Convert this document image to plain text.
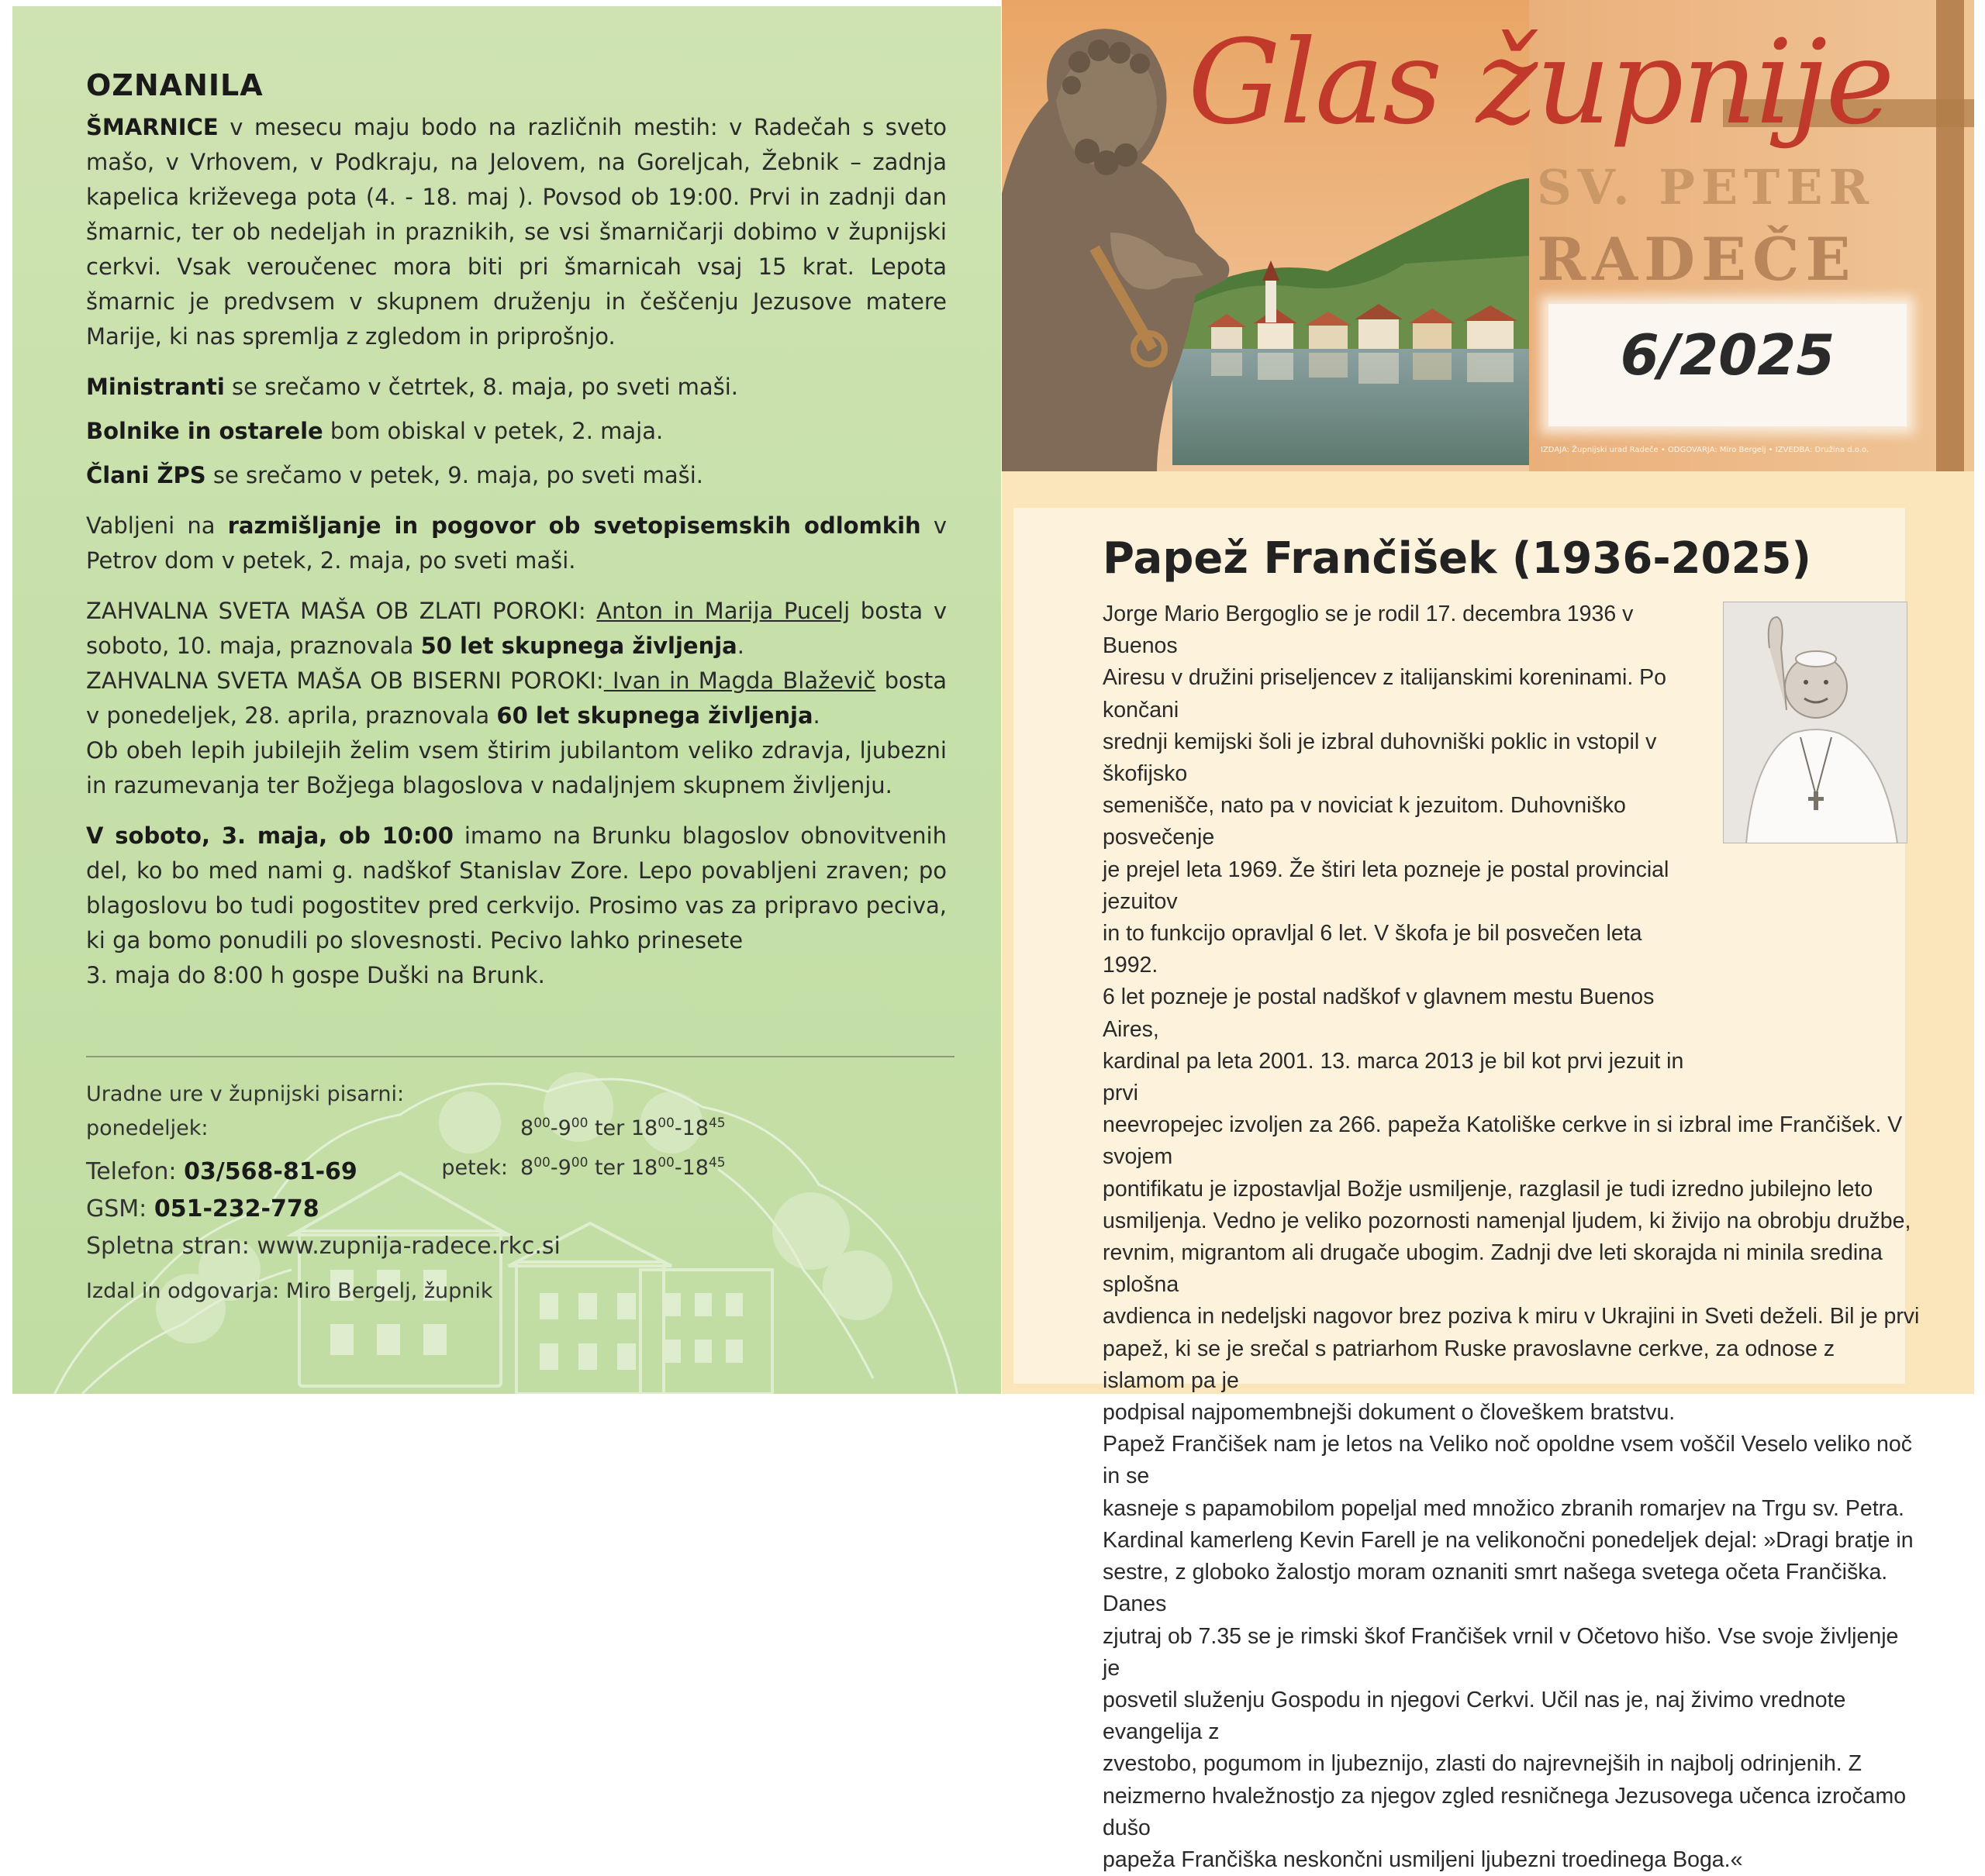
OZNANILA

ŠMARNICE v mesecu maju bodo na različnih mestih: v Radečah s sveto mašo, v Vrhovem, v Podkraju, na Jelovem, na Goreljcah, Žebnik – zadnja kapelica križevega pota (4. - 18. maj ). Povsod ob 19:00. Prvi in zadnji dan šmarnic, ter ob nedeljah in praznikih, se vsi šmarničarji dobimo v župnijski cerkvi. Vsak veroučenec mora biti pri šmarnicah vsaj 15 krat. Lepota šmarnic je predvsem v skupnem druženju in češčenju Jezusove matere Marije, ki nas spremlja z zgledom in priprošnjo.

Ministranti se srečamo v četrtek, 8. maja, po sveti maši.

Bolnike in ostarele bom obiskal v petek, 2. maja.

Člani ŽPS se srečamo v petek, 9. maja, po sveti maši.

Vabljeni na razmišljanje in pogovor ob svetopisemskih odlomkih v Petrov dom v petek, 2. maja, po sveti maši.

ZAHVALNA SVETA MAŠA OB ZLATI POROKI: Anton in Marija Pucelj bosta v soboto, 10. maja, praznovala 50 let skupnega življenja.

ZAHVALNA SVETA MAŠA OB BISERNI POROKI: Ivan in Magda Blaževič bosta v ponedeljek, 28. aprila, praznovala 60 let skupnega življenja.

Ob obeh lepih jubilejih želim vsem štirim jubilantom veliko zdravja, ljubezni in razumevanja ter Božjega blagoslova v nadaljnjem skupnem življenju.

V soboto, 3. maja, ob 10:00 imamo na Brunku blagoslov obnovitvenih del, ko bo med nami g. nadškof Stanislav Zore. Lepo povabljeni zraven; po blagoslovu bo tudi pogostitev pred cerkvijo. Prosimo vas za pripravo peciva, ki ga bomo ponudili po slovesnosti. Pecivo lahko prinesete

3. maja do 8:00 h gospe Duški na Brunk.

Uradne ure v župnijski pisarni: ponedeljek:	$8^{00}-9^{00}$ ter $18^{00}-18^{45}$
petek: $8^{00}-9^{00}$ ter $18^{00}-18^{45}$
Telefon: 03/568-81-69
GSM: 051-232-778
Spletna stran: www.zupnija-radece.rkc.si
Izdal in odgovarja: Miro Bergelj, župnik
Glas župnije
SV. PETER
RADEČE
6/2025
IZDAJA: Župnijski urad Radeče • ODGOVARJA: Miro Bergelj • IZVEDBA: Družina d.o.o.
Papež Frančišek (1936-2025)

Jorge Mario Bergoglio se je rodil 17. decembra 1936 v Buenos

Airesu v družini priseljencev z italijanskimi koreninami. Po končani

srednji kemijski šoli je izbral duhovniški poklic in vstopil v škofijsko

semenišče, nato pa v noviciat k jezuitom. Duhovniško posvečenje

je prejel leta 1969. Že štiri leta pozneje je postal provincial jezuitov

in to funkcijo opravljal 6 let. V škofa je bil posvečen leta 1992.

6 let pozneje je postal nadškof v glavnem mestu Buenos Aires,

kardinal pa leta 2001. 13. marca 2013 je bil kot prvi jezuit in prvi

neevropejec izvoljen za 266. papeža Katoliške cerkve in si izbral ime Frančišek. V svojem

pontifikatu je izpostavljal Božje usmiljenje, razglasil je tudi izredno jubilejno leto

usmiljenja. Vedno je veliko pozornosti namenjal ljudem, ki živijo na obrobju družbe,

revnim, migrantom ali drugače ubogim. Zadnji dve leti skorajda ni minila sredina splošna

avdienca in nedeljski nagovor brez poziva k miru v Ukrajini in Sveti deželi. Bil je prvi

papež, ki se je srečal s patriarhom Ruske pravoslavne cerkve, za odnose z islamom pa je

podpisal najpomembnejši dokument o človeškem bratstvu.

Papež Frančišek nam je letos na Veliko noč opoldne vsem voščil Veselo veliko noč in se

kasneje s papamobilom popeljal med množico zbranih romarjev na Trgu sv. Petra.

Kardinal kamerleng Kevin Farell je na velikonočni ponedeljek dejal: »Dragi bratje in

sestre, z globoko žalostjo moram oznaniti smrt našega svetega očeta Frančiška. Danes

zjutraj ob 7.35 se je rimski škof Frančišek vrnil v Očetovo hišo. Vse svoje življenje je

posvetil služenju Gospodu in njegovi Cerkvi. Učil nas je, naj živimo vrednote evangelija z

zvestobo, pogumom in ljubeznijo, zlasti do najrevnejših in najbolj odrinjenih. Z

neizmerno hvaležnostjo za njegov zgled resničnega Jezusovega učenca izročamo dušo

papeža Frančiška neskončni usmiljeni ljubezni troedinega Boga.«
